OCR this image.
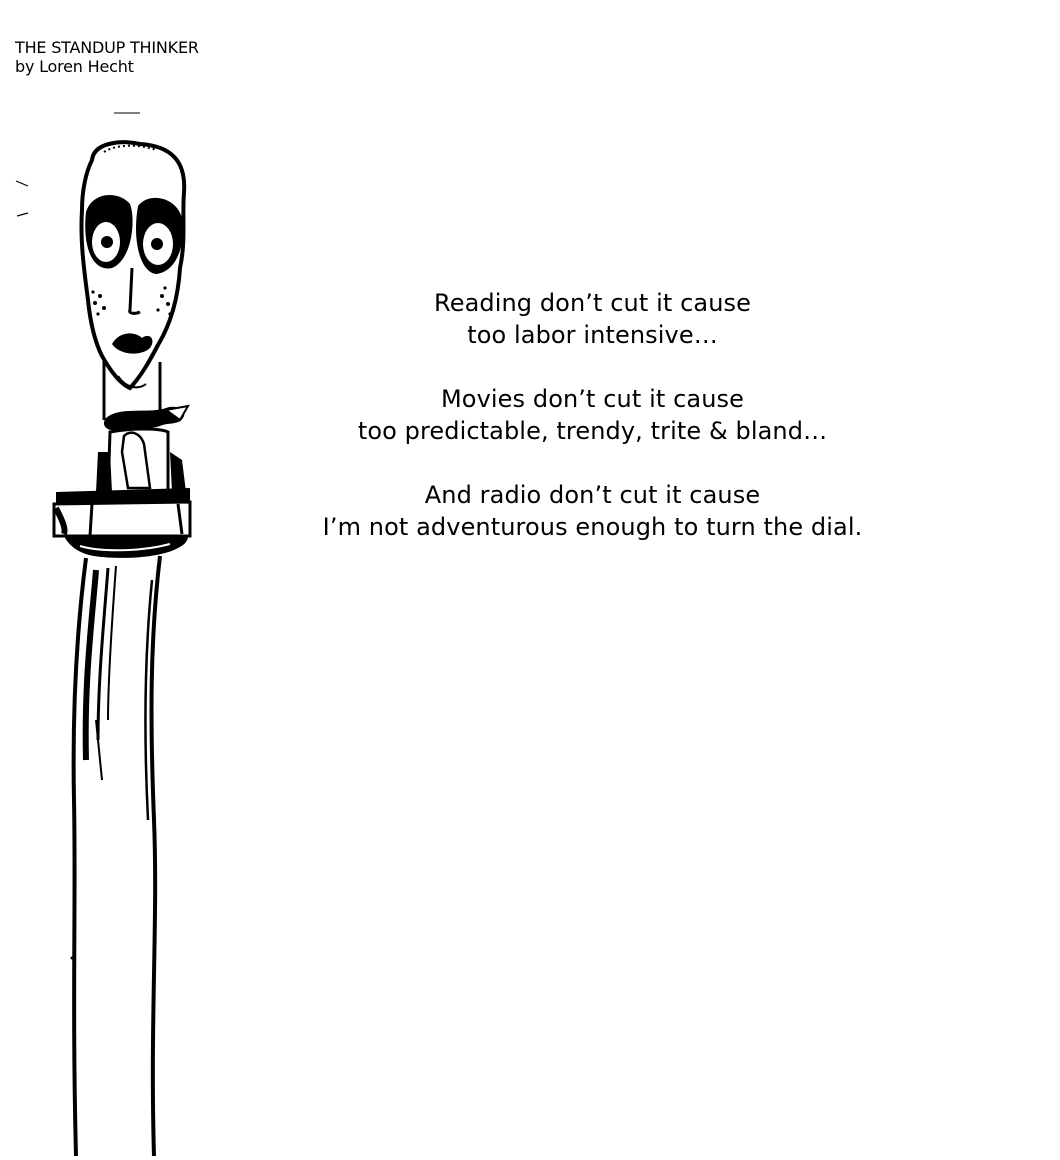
THE STANDUP THINKER
by Loren Hecht
Reading don’t cut it cause
too labor intensive…
Movies don’t cut it cause
too predictable, trendy, trite & bland…
And radio don’t cut it cause
I’m not adventurous enough to turn the dial.
